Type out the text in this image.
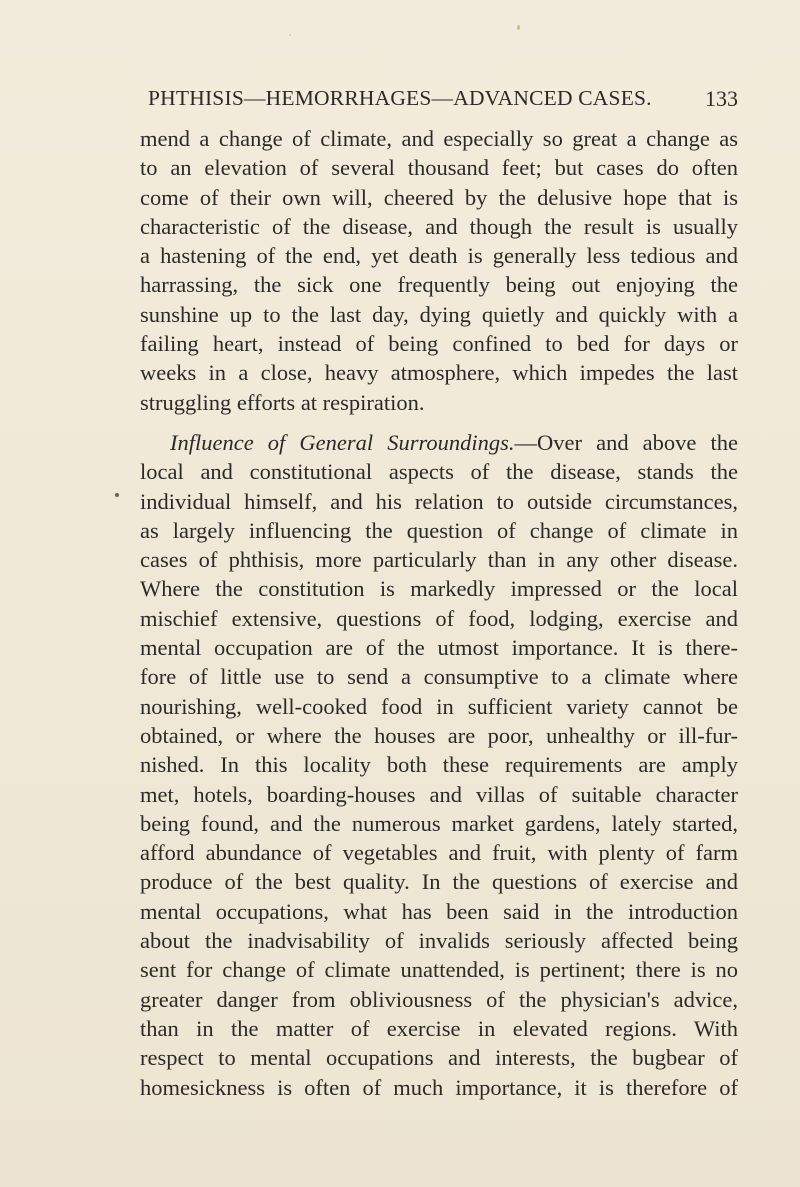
PHTHISIS—HEMORRHAGES—ADVANCED CASES. 133
mend a change of climate, and especially so great a change as
to an elevation of several thousand feet; but cases do often
come of their own will, cheered by the delusive hope that is
characteristic of the disease, and though the result is usually
a hastening of the end, yet death is generally less tedious and
harrassing, the sick one frequently being out enjoying the
sunshine up to the last day, dying quietly and quickly with a
failing heart, instead of being confined to bed for days or
weeks in a close, heavy atmosphere, which impedes the last
struggling efforts at respiration.
Influence of General Surroundings.—Over and above the
local and constitutional aspects of the disease, stands the
individual himself, and his relation to outside circumstances,
as largely influencing the question of change of climate in
cases of phthisis, more particularly than in any other disease.
Where the constitution is markedly impressed or the local
mischief extensive, questions of food, lodging, exercise and
mental occupation are of the utmost importance. It is there-
fore of little use to send a consumptive to a climate where
nourishing, well-cooked food in sufficient variety cannot be
obtained, or where the houses are poor, unhealthy or ill-fur-
nished. In this locality both these requirements are amply
met, hotels, boarding-houses and villas of suitable character
being found, and the numerous market gardens, lately started,
afford abundance of vegetables and fruit, with plenty of farm
produce of the best quality. In the questions of exercise and
mental occupations, what has been said in the introduction
about the inadvisability of invalids seriously affected being
sent for change of climate unattended, is pertinent; there is no
greater danger from obliviousness of the physician's advice,
than in the matter of exercise in elevated regions. With
respect to mental occupations and interests, the bugbear of
homesickness is often of much importance, it is therefore of
